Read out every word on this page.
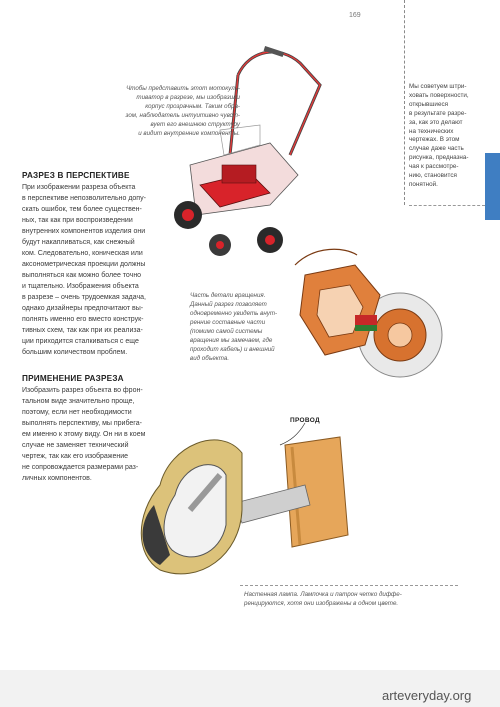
169

Чтобы представить этот мотокуль-
тиватор в разрезе, мы изобразили
корпус прозрачным. Таким обра-
зом, наблюдатель интуитивно чувст-
вует его внешнюю структуру
и видит внутренние компоненты.

Мы советуем штри-
ховать поверхности,
открывшиеся
в результате разре-
за, как это делают
на технических
чертежах. В этом
случае даже часть
рисунка, предназна-
чая к рассмотре-
нию, становится
понятной.

РАЗРЕЗ В ПЕРСПЕКТИВЕ

При изображении разреза объекта
в перспективе непозволительно допу-
скать ошибок, тем более существен-
ных, так как при воспроизведении
внутренних компонентов изделия они
будут накапливаться, как снежный
ком. Следовательно, коническая или
аксонометрическая проекции должны
выполняться как можно более точно
и тщательно. Изображения объекта
в разрезе – очень трудоемкая задача,
однако дизайнеры предпочитают вы-
полнять именно его вместо конструк-
тивных схем, так как при их реализа-
ции приходится сталкиваться с еще
большим количеством проблем.

Часть детали вращения.
Данный разрез позволяет
одновременно увидеть внут-
ренние составные части
(помимо самой системы
вращения мы замечаем, где
проходит кабель) и внешний
вид объекта.

ПРИМЕНЕНИЕ РАЗРЕЗА

Изобразить разрез объекта во фрон-
тальном виде значительно проще,
поэтому, если нет необходимости
выполнять перспективу, мы прибега-
ем именно к этому виду. Он ни в коем
случае не заменяет технический
чертеж, так как его изображение
не сопровождается размерами раз-
личных компонентов.

ПРОВОД

Настенная лампа. Лампочка и патрон четко диффе-
ренцируются, хотя они изображены в одном цвете.

arteveryday.org
